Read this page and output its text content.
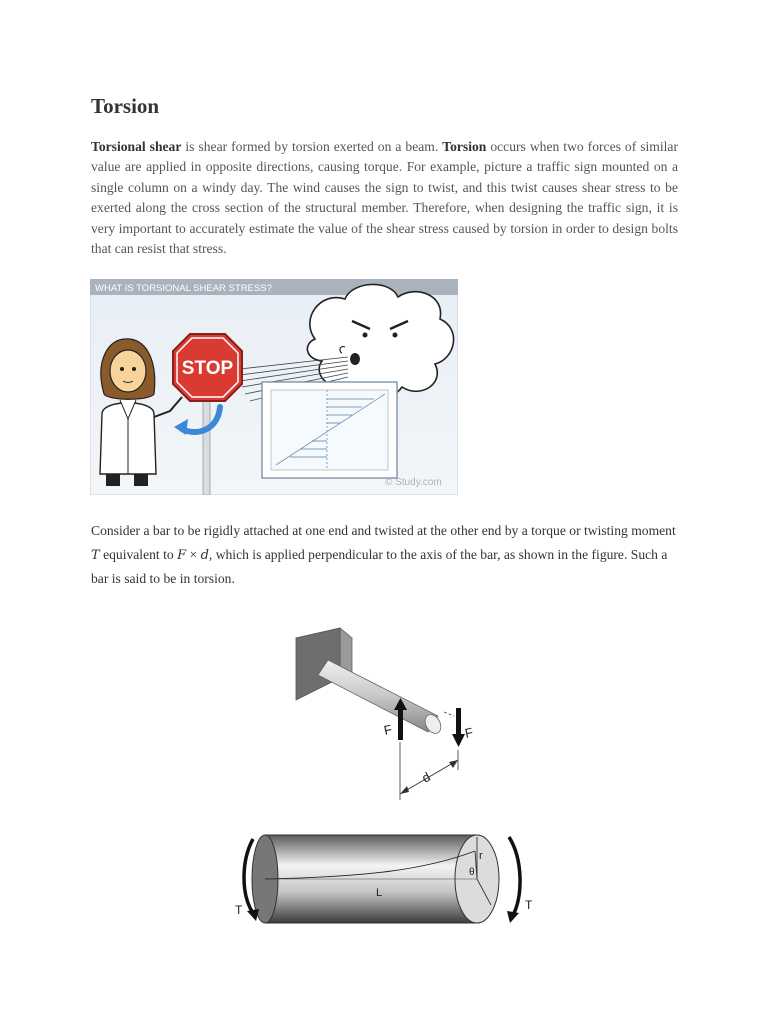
Torsion

Torsional shear is shear formed by torsion exerted on a beam. Torsion occurs when two forces of similar value are applied in opposite directions, causing torque. For example, picture a traffic sign mounted on a single column on a windy day. The wind causes the sign to twist, and this twist causes shear stress to be exerted along the cross section of the structural member. Therefore, when designing the traffic sign, it is very important to accurately estimate the value of the shear stress caused by torsion in order to design bolts that can resist that stress.

WHAT IS TORSIONAL SHEAR STRESS?
STOP
© Study.com

Consider a bar to be rigidly attached at one end and twisted at the other end by a torque or twisting moment T equivalent to F × d, which is applied perpendicular to the axis of the bar, as shown in the figure. Such a bar is said to be in torsion.

F	F
d
r
θ
L
T	T
